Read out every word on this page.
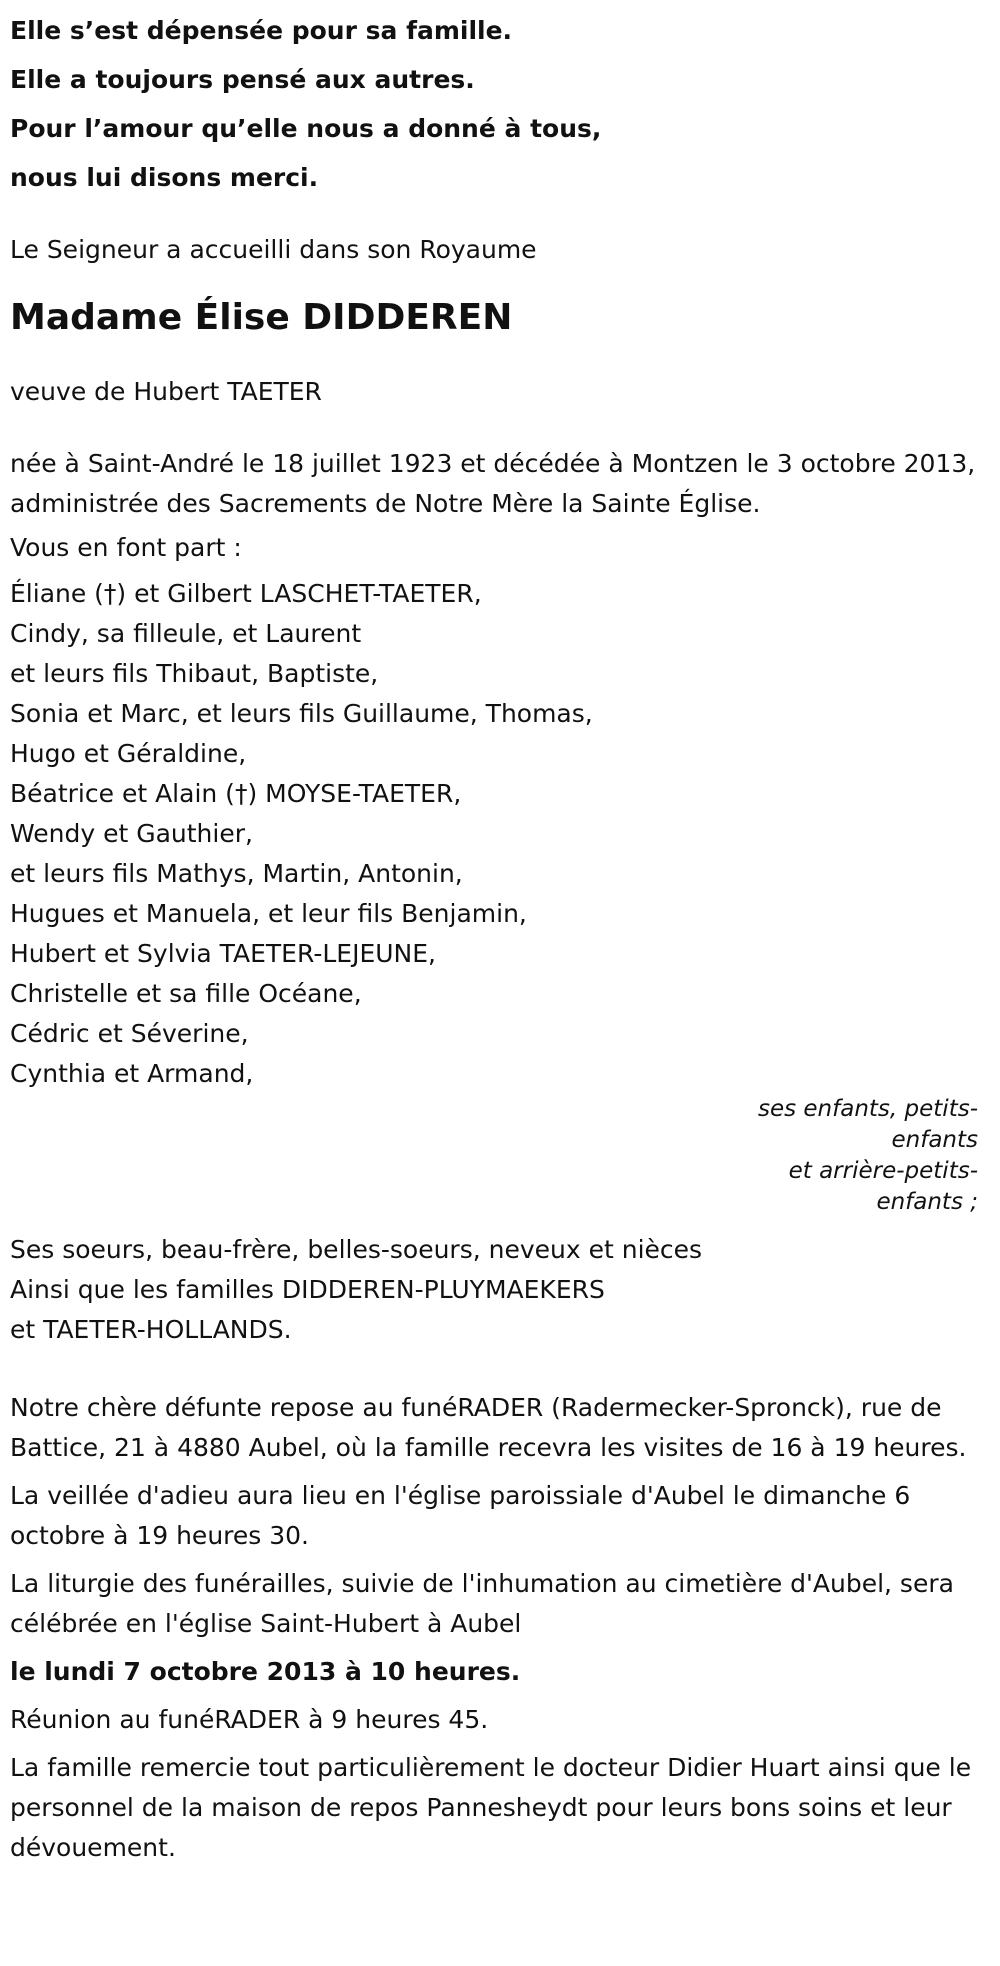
Elle s’est dépensée pour sa famille.
Elle a toujours pensé aux autres.
Pour l’amour qu’elle nous a donné à tous,
nous lui disons merci.
Le Seigneur a accueilli dans son Royaume
Madame Élise DIDDEREN
veuve de Hubert TAETER
née à Saint-André le 18 juillet 1923 et décédée à Montzen le 3 octobre 2013, administrée des Sacrements de Notre Mère la Sainte Église.
Vous en font part :
Éliane (†) et Gilbert LASCHET-TAETER,
Cindy, sa filleule, et Laurent
et leurs fils Thibaut, Baptiste,
Sonia et Marc, et leurs fils Guillaume, Thomas,
Hugo et Géraldine,
Béatrice et Alain (†) MOYSE-TAETER,
Wendy et Gauthier,
et leurs fils Mathys, Martin, Antonin,
Hugues et Manuela, et leur fils Benjamin,
Hubert et Sylvia TAETER-LEJEUNE,
Christelle et sa fille Océane,
Cédric et Séverine,
Cynthia et Armand,
ses enfants, petits-
enfants
et arrière-petits-
enfants ;
Ses soeurs, beau-frère, belles-soeurs, neveux et nièces
Ainsi que les familles DIDDEREN-PLUYMAEKERS
et TAETER-HOLLANDS.
Notre chère défunte repose au funéRADER (Radermecker-Spronck), rue de Battice, 21 à 4880 Aubel, où la famille recevra les visites de 16 à 19 heures.
La veillée d'adieu aura lieu en l'église paroissiale d'Aubel le dimanche 6 octobre à 19 heures 30.
La liturgie des funérailles, suivie de l'inhumation au cimetière d'Aubel, sera célébrée en l'église Saint-Hubert à Aubel
le lundi 7 octobre 2013 à 10 heures.
Réunion au funéRADER à 9 heures 45.
La famille remercie tout particulièrement le docteur Didier Huart ainsi que le personnel de la maison de repos Pannesheydt pour leurs bons soins et leur dévouement.
